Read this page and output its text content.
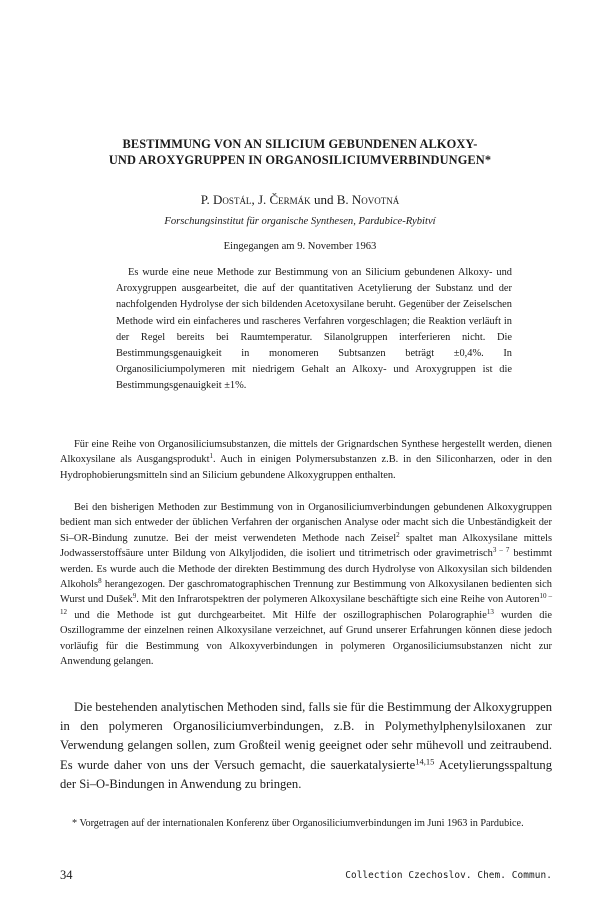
BESTIMMUNG VON AN SILICIUM GEBUNDENEN ALKOXY-
UND AROXYGRUPPEN IN ORGANOSILICIUMVERBINDUNGEN*

P. Dostál, J. Čermák und B. Novotná

Forschungsinstitut für organische Synthesen, Pardubice-Rybitví

Eingegangen am 9. November 1963

Es wurde eine neue Methode zur Bestimmung von an Silicium gebundenen Alkoxy- und Aroxygruppen ausgearbeitet, die auf der quantitativen Acetylierung der Substanz und der nachfolgenden Hydrolyse der sich bildenden Acetoxysilane beruht. Gegenüber der Zeiselschen Methode wird ein einfacheres und rascheres Verfahren vorgeschlagen; die Reaktion verläuft in der Regel bereits bei Raumtemperatur. Silanolgruppen interferieren nicht. Die Bestimmungsgenauigkeit in monomeren Subtsanzen beträgt ±0,4%. In Organosiliciumpolymeren mit niedrigem Gehalt an Alkoxy- und Aroxygruppen ist die Bestimmungsgenauigkeit ±1%.

Für eine Reihe von Organosiliciumsubstanzen, die mittels der Grignardschen Synthese hergestellt werden, dienen Alkoxysilane als Ausgangsprodukt$^1$. Auch in einigen Polymersubstanzen z.B. in den Siliconharzen, oder in den Hydrophobierungsmitteln sind an Silicium gebundene Alkoxygruppen enthalten.

Bei den bisherigen Methoden zur Bestimmung von in Organosiliciumverbindungen gebundenen Alkoxygruppen bedient man sich entweder der üblichen Verfahren der organischen Analyse oder macht sich die Unbeständigkeit der Si–OR-Bindung zunutze. Bei der meist verwendeten Methode nach Zeisel$^2$ spaltet man Alkoxysilane mittels Jodwasserstoffsäure unter Bildung von Alkyljodiden, die isoliert und titrimetrisch oder gravimetrisch$^{3 - 7}$ bestimmt werden. Es wurde auch die Methode der direkten Bestimmung des durch Hydrolyse von Alkoxysilan sich bildenden Alkohols$^8$ herangezogen. Der gaschromatographischen Trennung zur Bestimmung von Alkoxysilanen bedienten sich Wurst und Dušek$^9$. Mit den Infrarotspektren der polymeren Alkoxysilane beschäftigte sich eine Reihe von Autoren$^{10 - 12}$ und die Methode ist gut durchgearbeitet. Mit Hilfe der oszillographischen Polarographie$^{13}$ wurden die Oszillogramme der einzelnen reinen Alkoxysilane verzeichnet, auf Grund unserer Erfahrungen können diese jedoch vorläufig für die Bestimmung von Alkoxyverbindungen in polymeren Organosiliciumsubstanzen nicht zur Anwendung gelangen.

Die bestehenden analytischen Methoden sind, falls sie für die Bestimmung der Alkoxygruppen in den polymeren Organosiliciumverbindungen, z.B. in Polymethylphenylsiloxanen zur Verwendung gelangen sollen, zum Großteil wenig geeignet oder sehr mühevoll und zeitraubend. Es wurde daher von uns der Versuch gemacht, die sauerkatalysierte$^{14,15}$ Acetylierungsspaltung der Si–O-Bindungen in Anwendung zu bringen.

* Vorgetragen auf der internationalen Konferenz über Organosiliciumverbindungen im Juni 1963 in Pardubice.

34	Collection Czechoslov. Chem. Commun.
